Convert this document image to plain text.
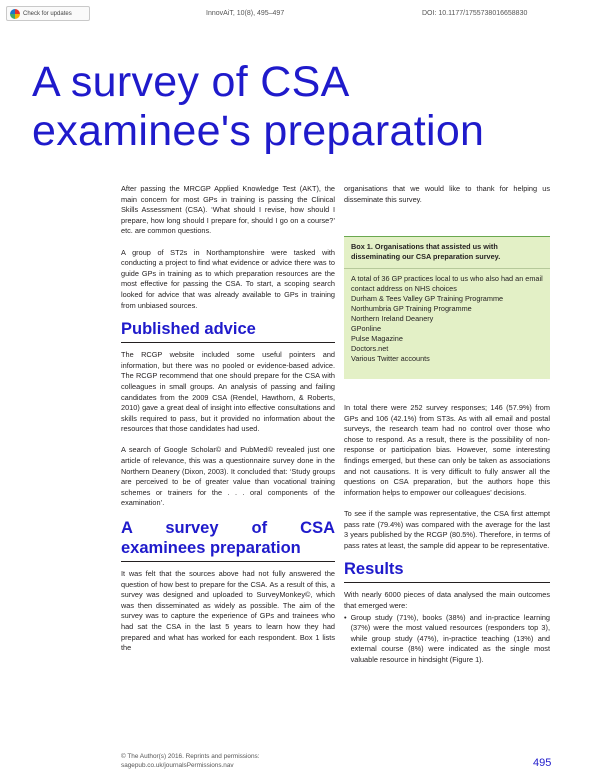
Check for updates	InnovAiT, 10(8), 495–497	DOI: 10.1177/1755738016658830
A survey of CSA examinee's preparation

After passing the MRCGP Applied Knowledge Test (AKT), the main concern for most GPs in training is passing the Clinical Skills Assessment (CSA). ‘What should I revise, how should I prepare, how long should I prepare for, should I go on a course?’ etc. are common questions.

A group of ST2s in Northamptonshire were tasked with conducting a project to find what evidence or advice there was to guide GPs in training as to which preparation resources are the most effective for passing the CSA. To start, a scoping search looked for advice that was already available to GPs in training from unbiased sources.

Published advice

The RCGP website included some useful pointers and information, but there was no pooled or evidence-based advice. The RCGP recommend that one should prepare for the CSA with colleagues in small groups. An analysis of passing and failing candidates from the 2009 CSA (Rendel, Hawthorn, & Roberts, 2010) gave a great deal of insight into effective consultations and skills required to pass, but it provided no information about the resources that those candidates had used.

A search of Google Scholar© and PubMed© revealed just one article of relevance, this was a questionnaire survey done in the Northern Deanery (Dixon, 2003). It concluded that: ‘Study groups are perceived to be of greater value than vocational training schemes or trainers for the . . . oral components of the examination’.

A survey of CSA examinees preparation

It was felt that the sources above had not fully answered the question of how best to prepare for the CSA. As a result of this, a survey was designed and uploaded to SurveyMonkey©, which was then disseminated as widely as possible. The aim of the survey was to capture the experience of GPs and trainees who had sat the CSA in the last 5 years to learn how they had prepared and what has worked for each respondent. Box 1 lists the

organisations that we would like to thank for helping us disseminate this survey.

Box 1. Organisations that assisted us with disseminating our CSA preparation survey.
A total of 36 GP practices local to us who also had an email contact address on NHS choices
Durham & Tees Valley GP Training Programme
Northumbria GP Training Programme
Northern Ireland Deanery
GPonline
Pulse Magazine
Doctors.net
Various Twitter accounts

In total there were 252 survey responses; 146 (57.9%) from GPs and 106 (42.1%) from ST3s. As with all email and postal surveys, the research team had no control over those who chose to respond. As a result, there is the possibility of non-response or participation bias. However, some interesting findings emerged, but these can only be taken as associations and not causations. It is very difficult to fully answer all the questions on CSA preparation, but the authors hope this information helps to empower our colleagues’ decisions.

To see if the sample was representative, the CSA first attempt pass rate (79.4%) was compared with the average for the last 3 years published by the RCGP (80.5%). Therefore, in terms of pass rates at least, the sample did appear to be representative.

Results

With nearly 6000 pieces of data analysed the main outcomes that emerged were:

• Group study (71%), books (38%) and in-practice learning (37%) were the most valued resources (responders top 3), while group study (47%), in-practice teaching (13%) and external course (8%) were indicated as the single most valuable resource in hindsight (Figure 1).
© The Author(s) 2016. Reprints and permissions:
sagepub.co.uk/journalsPermissions.nav	495
